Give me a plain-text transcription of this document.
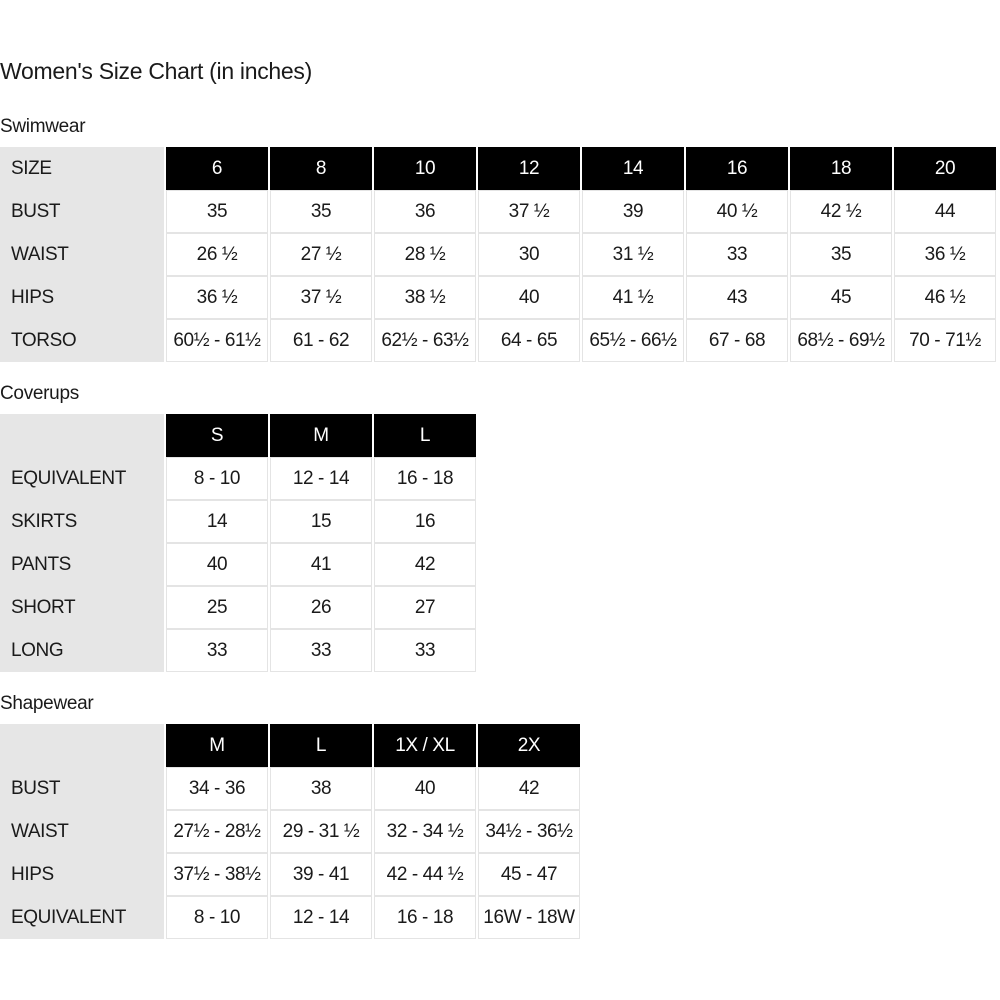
Women's Size Chart (in inches)
Swimwear
SIZE	6	8	10	12	14	16	18	20
BUST	35	35	36	37 ½	39	40 ½	42 ½	44
WAIST	26 ½	27 ½	28 ½	30	31 ½	33	35	36 ½
HIPS	36 ½	37 ½	38 ½	40	41 ½	43	45	46 ½
TORSO	60½ - 61½	61 - 62	62½ - 63½	64 - 65	65½ - 66½	67 - 68	68½ - 69½	70 - 71½
Coverups
	S	M	L
EQUIVALENT	8 - 10	12 - 14	16 - 18
SKIRTS	14	15	16
PANTS	40	41	42
SHORT	25	26	27
LONG	33	33	33
Shapewear
	M	L	1X / XL	2X
BUST	34 - 36	38	40	42
WAIST	27½ - 28½	29 - 31 ½	32 - 34 ½	34½ - 36½
HIPS	37½ - 38½	39 - 41	42 - 44 ½	45 - 47
EQUIVALENT	8 - 10	12 - 14	16 - 18	16W - 18W
